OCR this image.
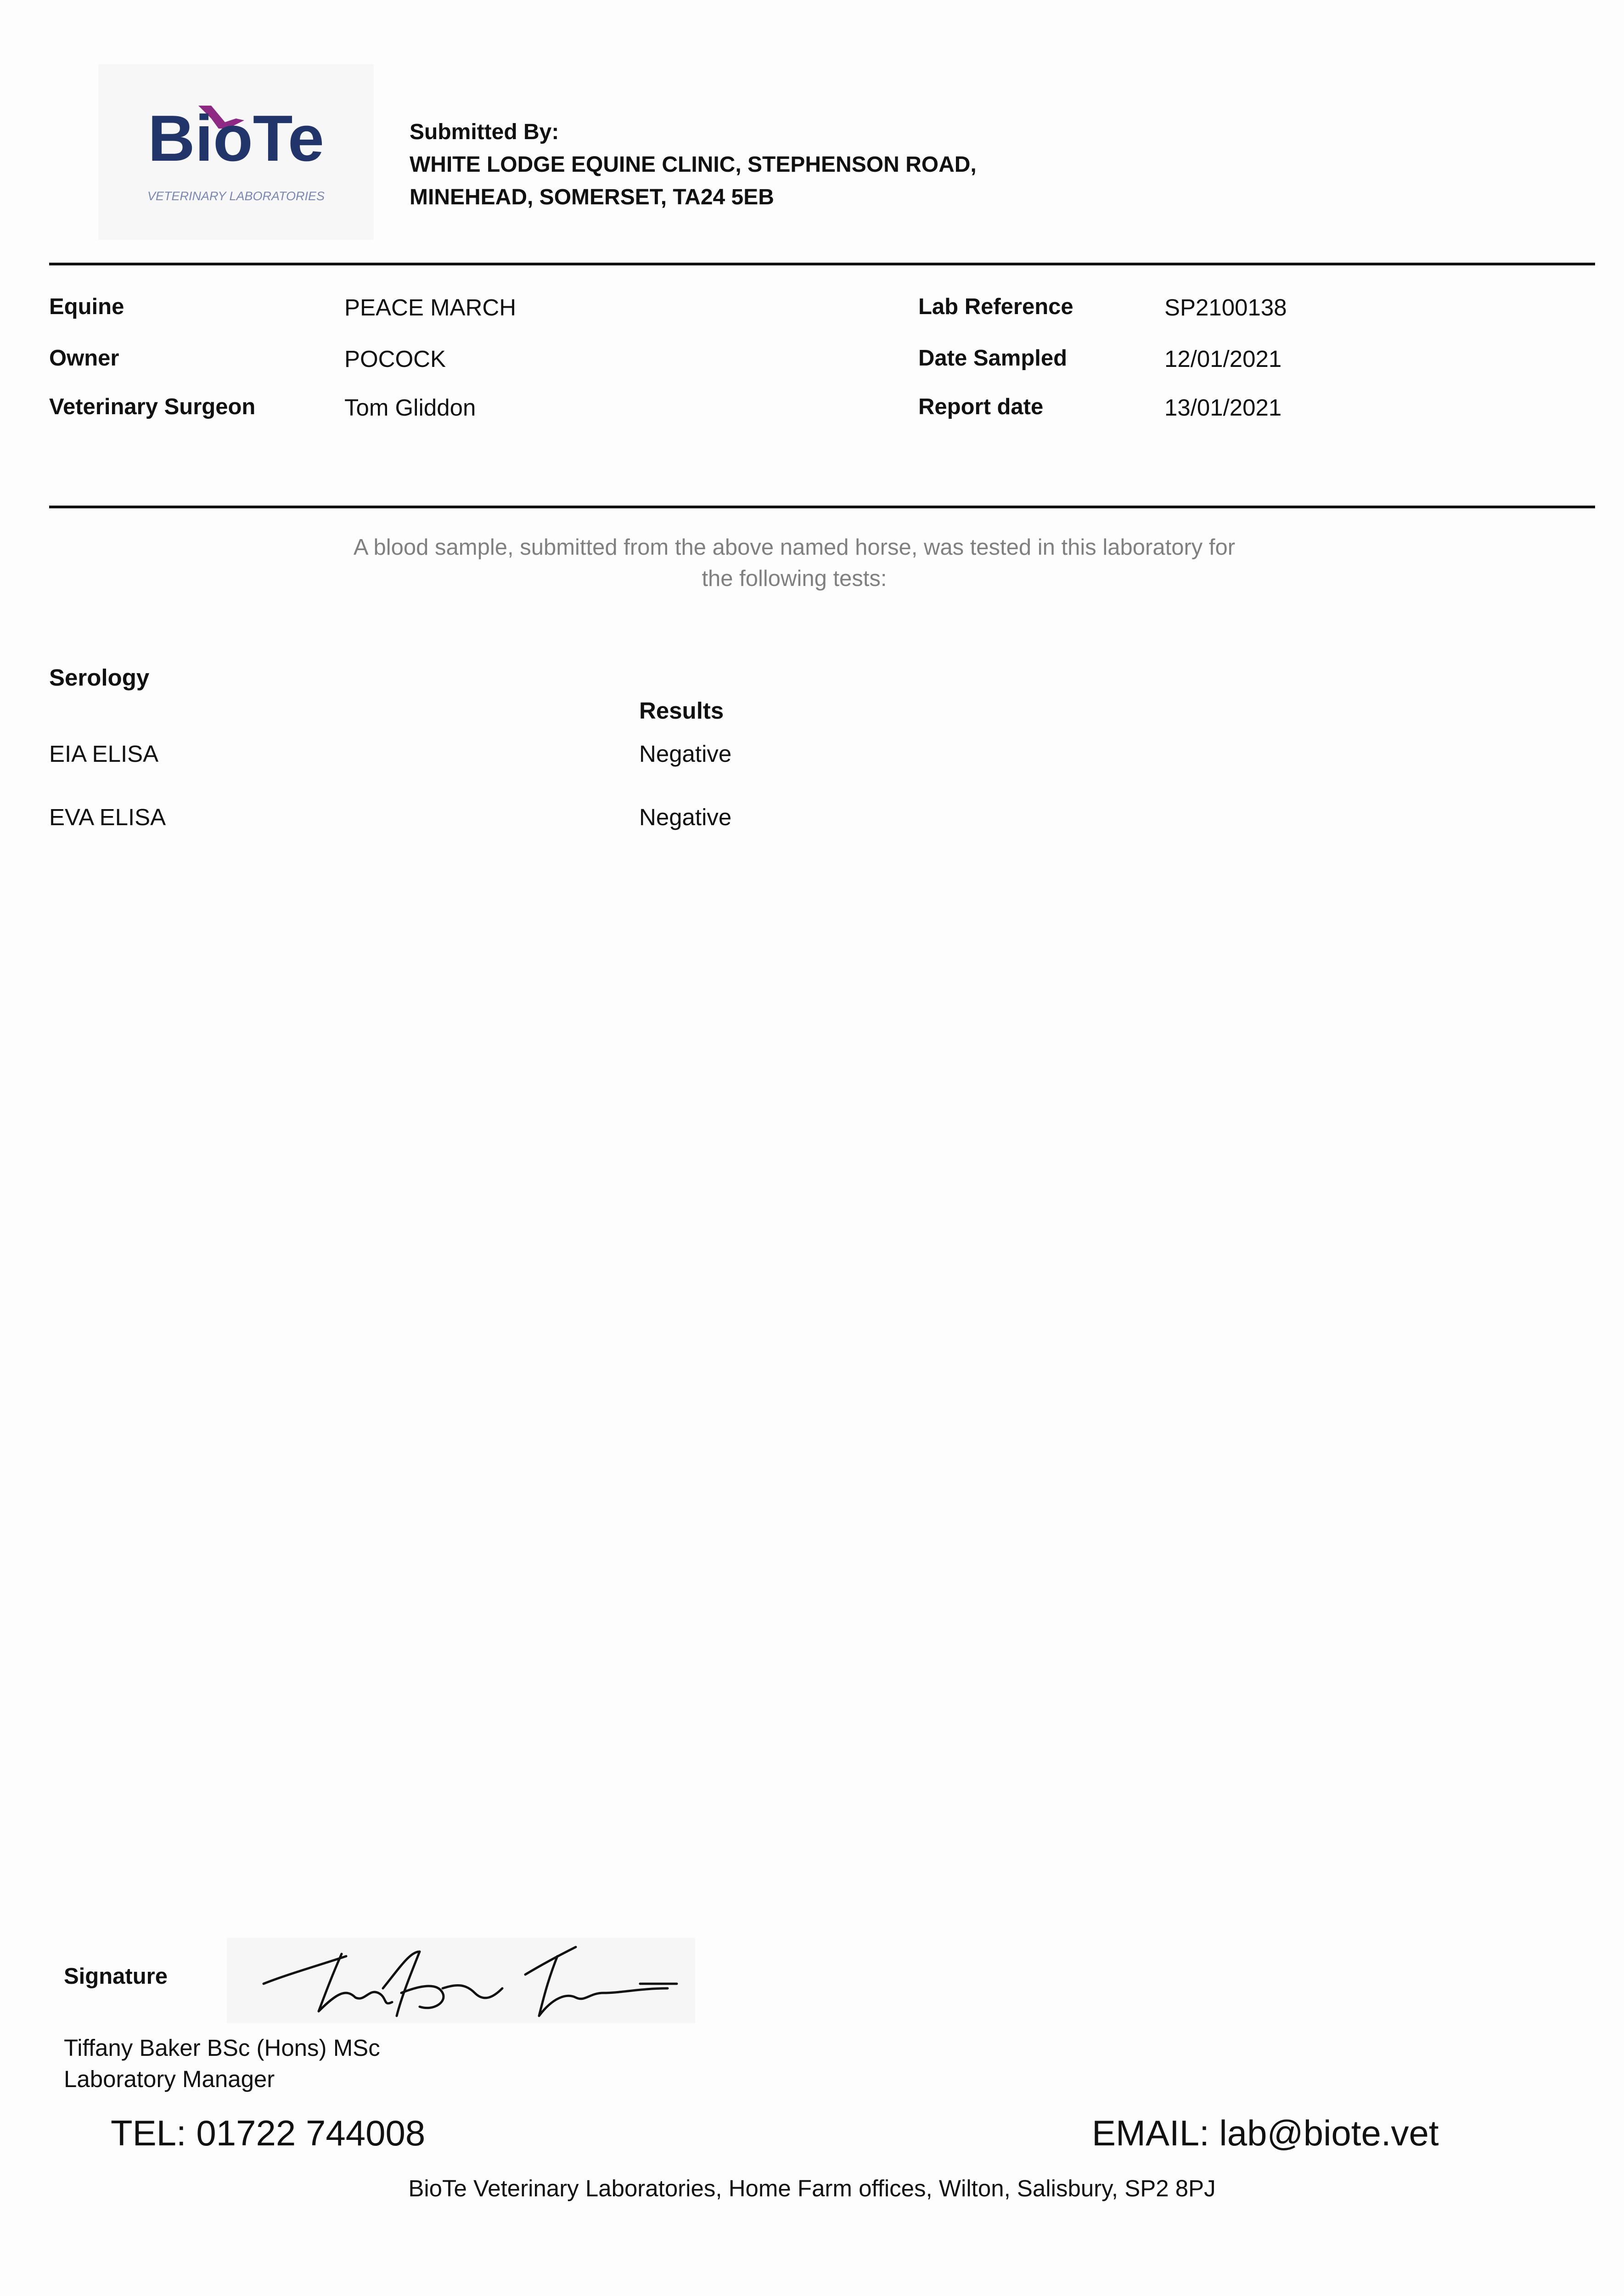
BioTe
VETERINARY LABORATORIES
Submitted By:
WHITE LODGE EQUINE CLINIC, STEPHENSON ROAD,
MINEHEAD, SOMERSET, TA24 5EB
Equine	PEACE MARCH	Lab Reference	SP2100138
Owner	POCOCK	Date Sampled	12/01/2021
Veterinary Surgeon	Tom Gliddon	Report date	13/01/2021
A blood sample, submitted from the above named horse, was tested in this laboratory for
the following tests:
Serology
Results
EIA ELISA	Negative
EVA ELISA	Negative
Signature
Tiffany Baker BSc (Hons) MSc
Laboratory Manager
TEL: 01722 744008	EMAIL: lab@biote.vet
BioTe Veterinary Laboratories, Home Farm offices, Wilton, Salisbury, SP2 8PJ
